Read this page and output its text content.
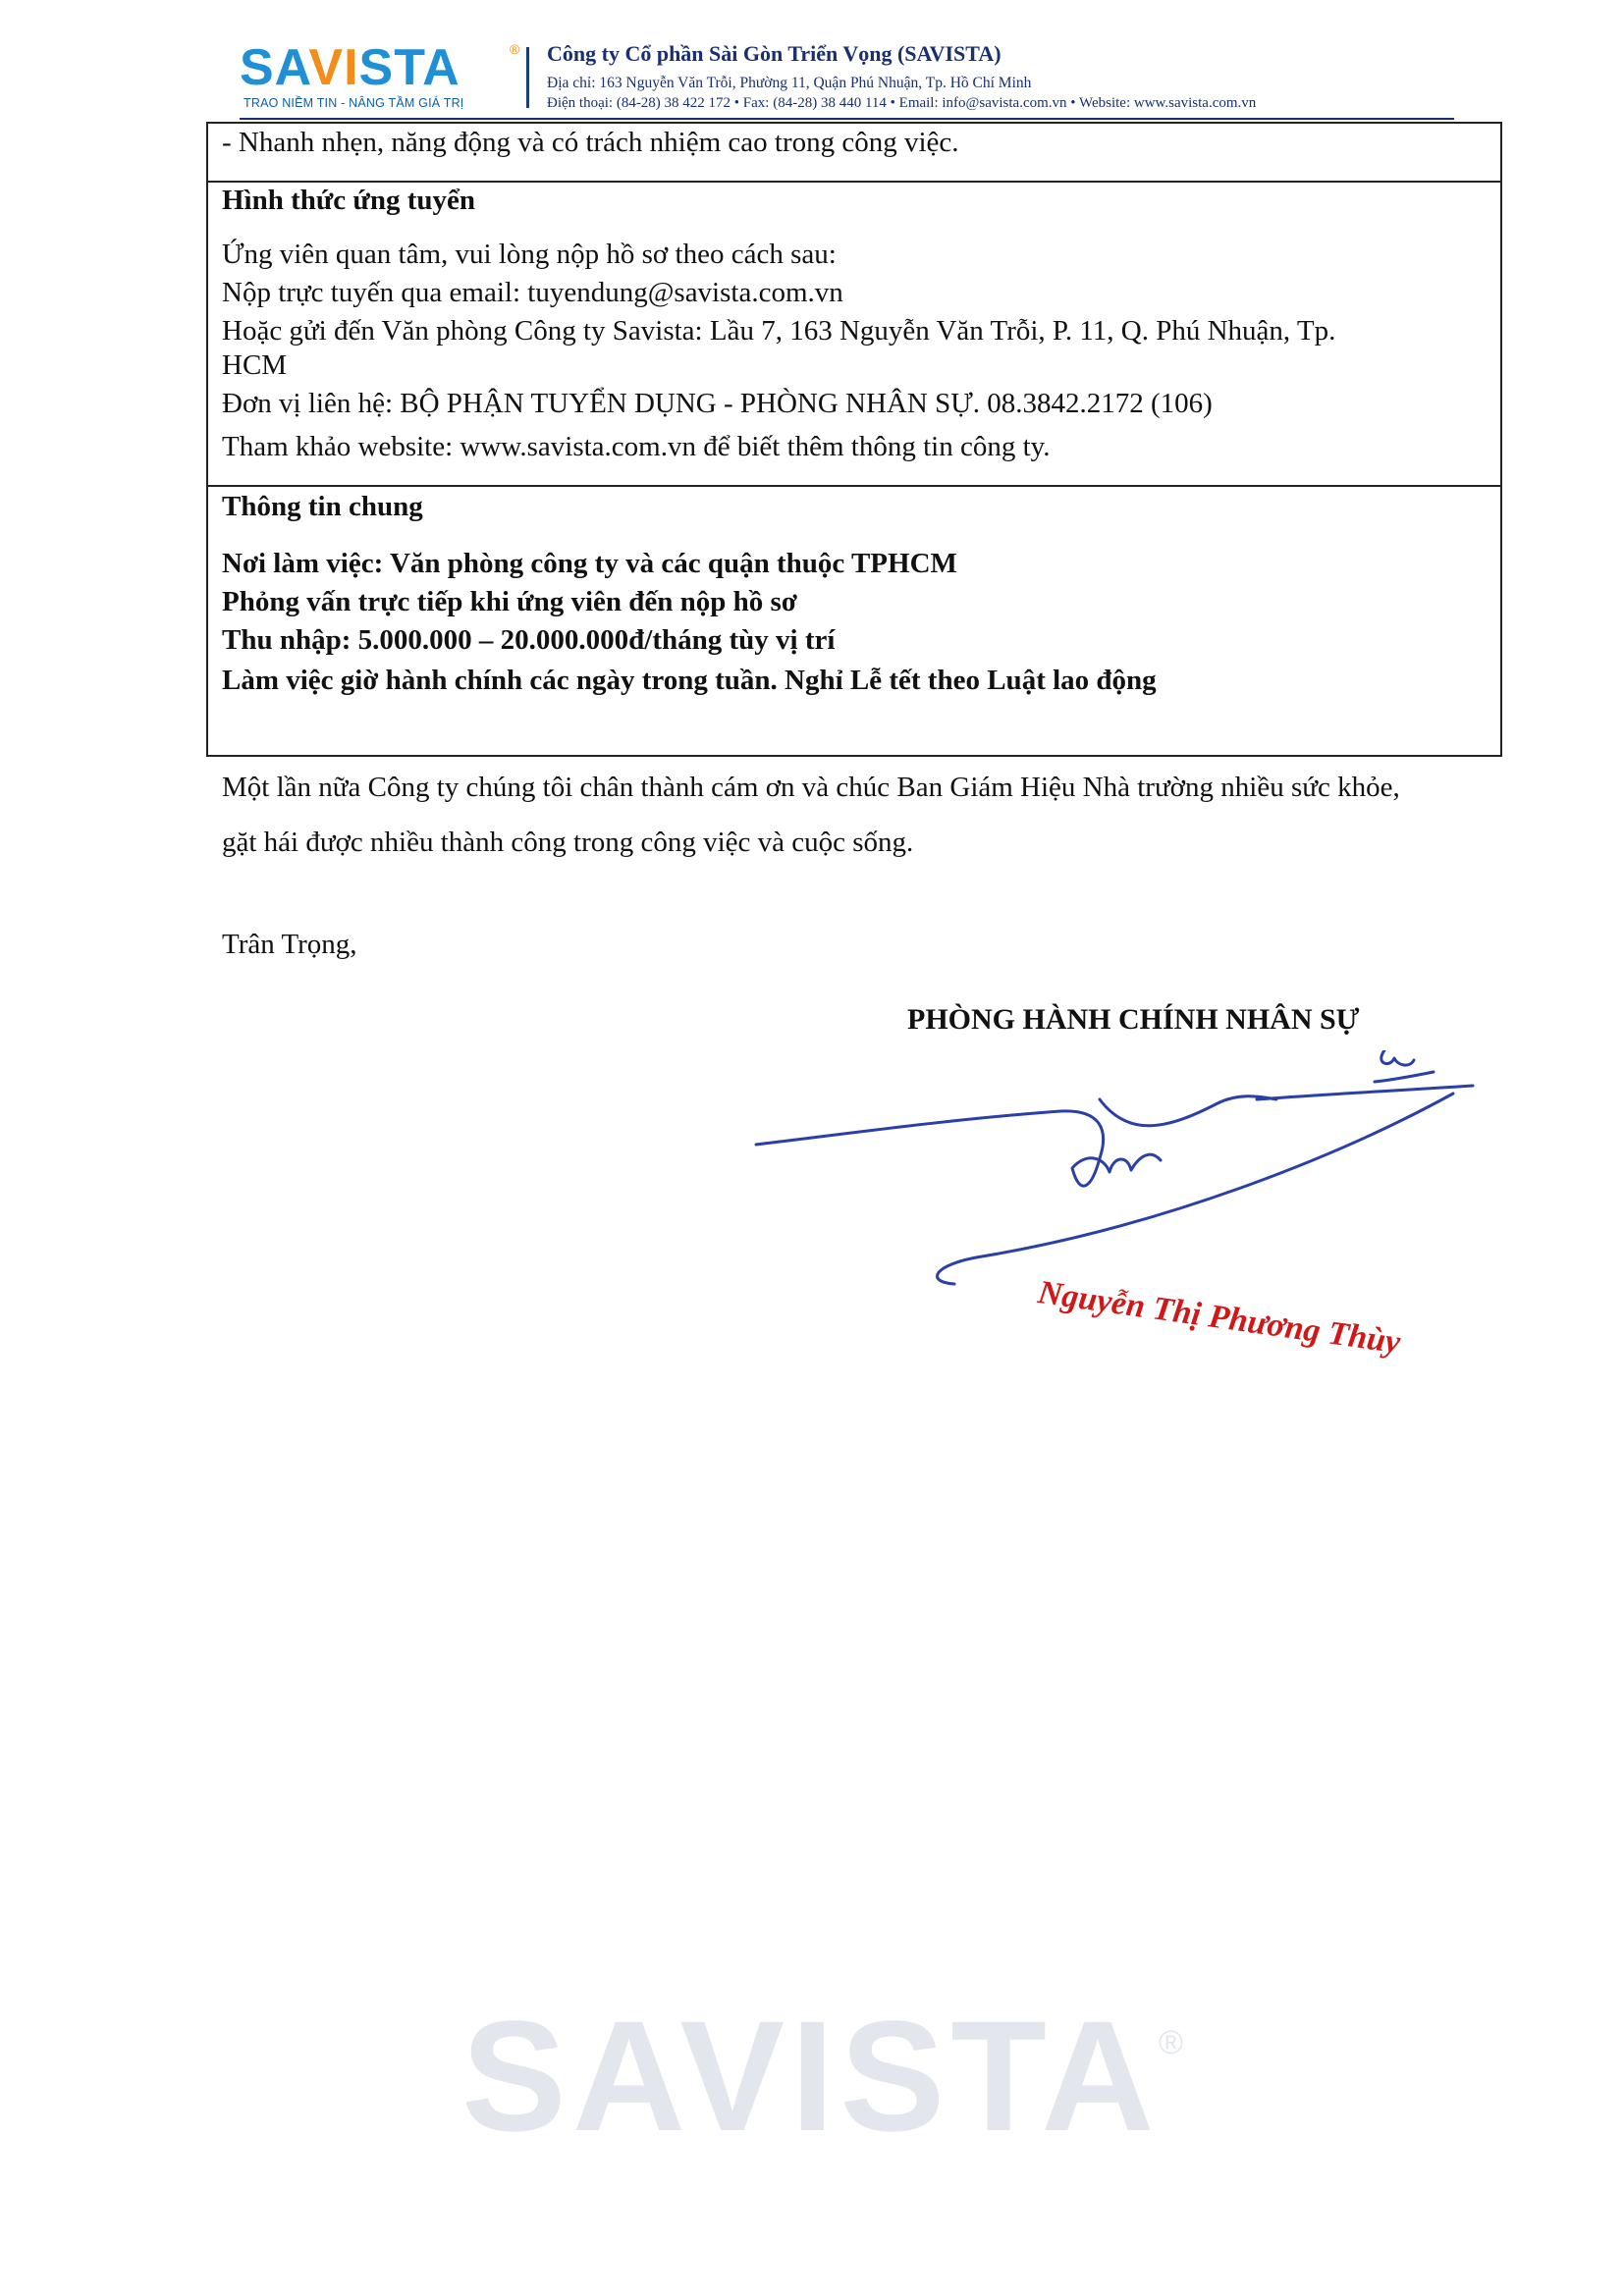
SAVISTA	®
TRAO NIỀM TIN - NÂNG TẦM GIÁ TRỊ
Công ty Cổ phần Sài Gòn Triển Vọng (SAVISTA)
Địa chỉ: 163 Nguyễn Văn Trỗi, Phường 11, Quận Phú Nhuận, Tp. Hồ Chí Minh
Điện thoại: (84-28) 38 422 172 • Fax: (84-28) 38 440 114 • Email: info@savista.com.vn • Website: www.savista.com.vn
- Nhanh nhẹn, năng động và có trách nhiệm cao trong công việc.
Hình thức ứng tuyển
Ứng viên quan tâm, vui lòng nộp hồ sơ theo cách sau:
Nộp trực tuyến qua email: tuyendung@savista.com.vn
Hoặc gửi đến Văn phòng Công ty Savista: Lầu 7, 163 Nguyễn Văn Trỗi, P. 11, Q. Phú Nhuận, Tp.
HCM
Đơn vị liên hệ: BỘ PHẬN TUYỂN DỤNG - PHÒNG NHÂN SỰ. 08.3842.2172 (106)
Tham khảo website: www.savista.com.vn để biết thêm thông tin công ty.
Thông tin chung
Nơi làm việc: Văn phòng công ty và các quận thuộc TPHCM
Phỏng vấn trực tiếp khi ứng viên đến nộp hồ sơ
Thu nhập: 5.000.000 – 20.000.000đ/tháng tùy vị trí
Làm việc giờ hành chính các ngày trong tuần. Nghỉ Lễ tết theo Luật lao động
Một lần nữa Công ty chúng tôi chân thành cám ơn và chúc Ban Giám Hiệu Nhà trường nhiều sức khỏe,
gặt hái được nhiều thành công trong công việc và cuộc sống.
Trân Trọng,
PHÒNG HÀNH CHÍNH NHÂN SỰ
Nguyễn Thị Phương Thùy
SAVISTA
®
